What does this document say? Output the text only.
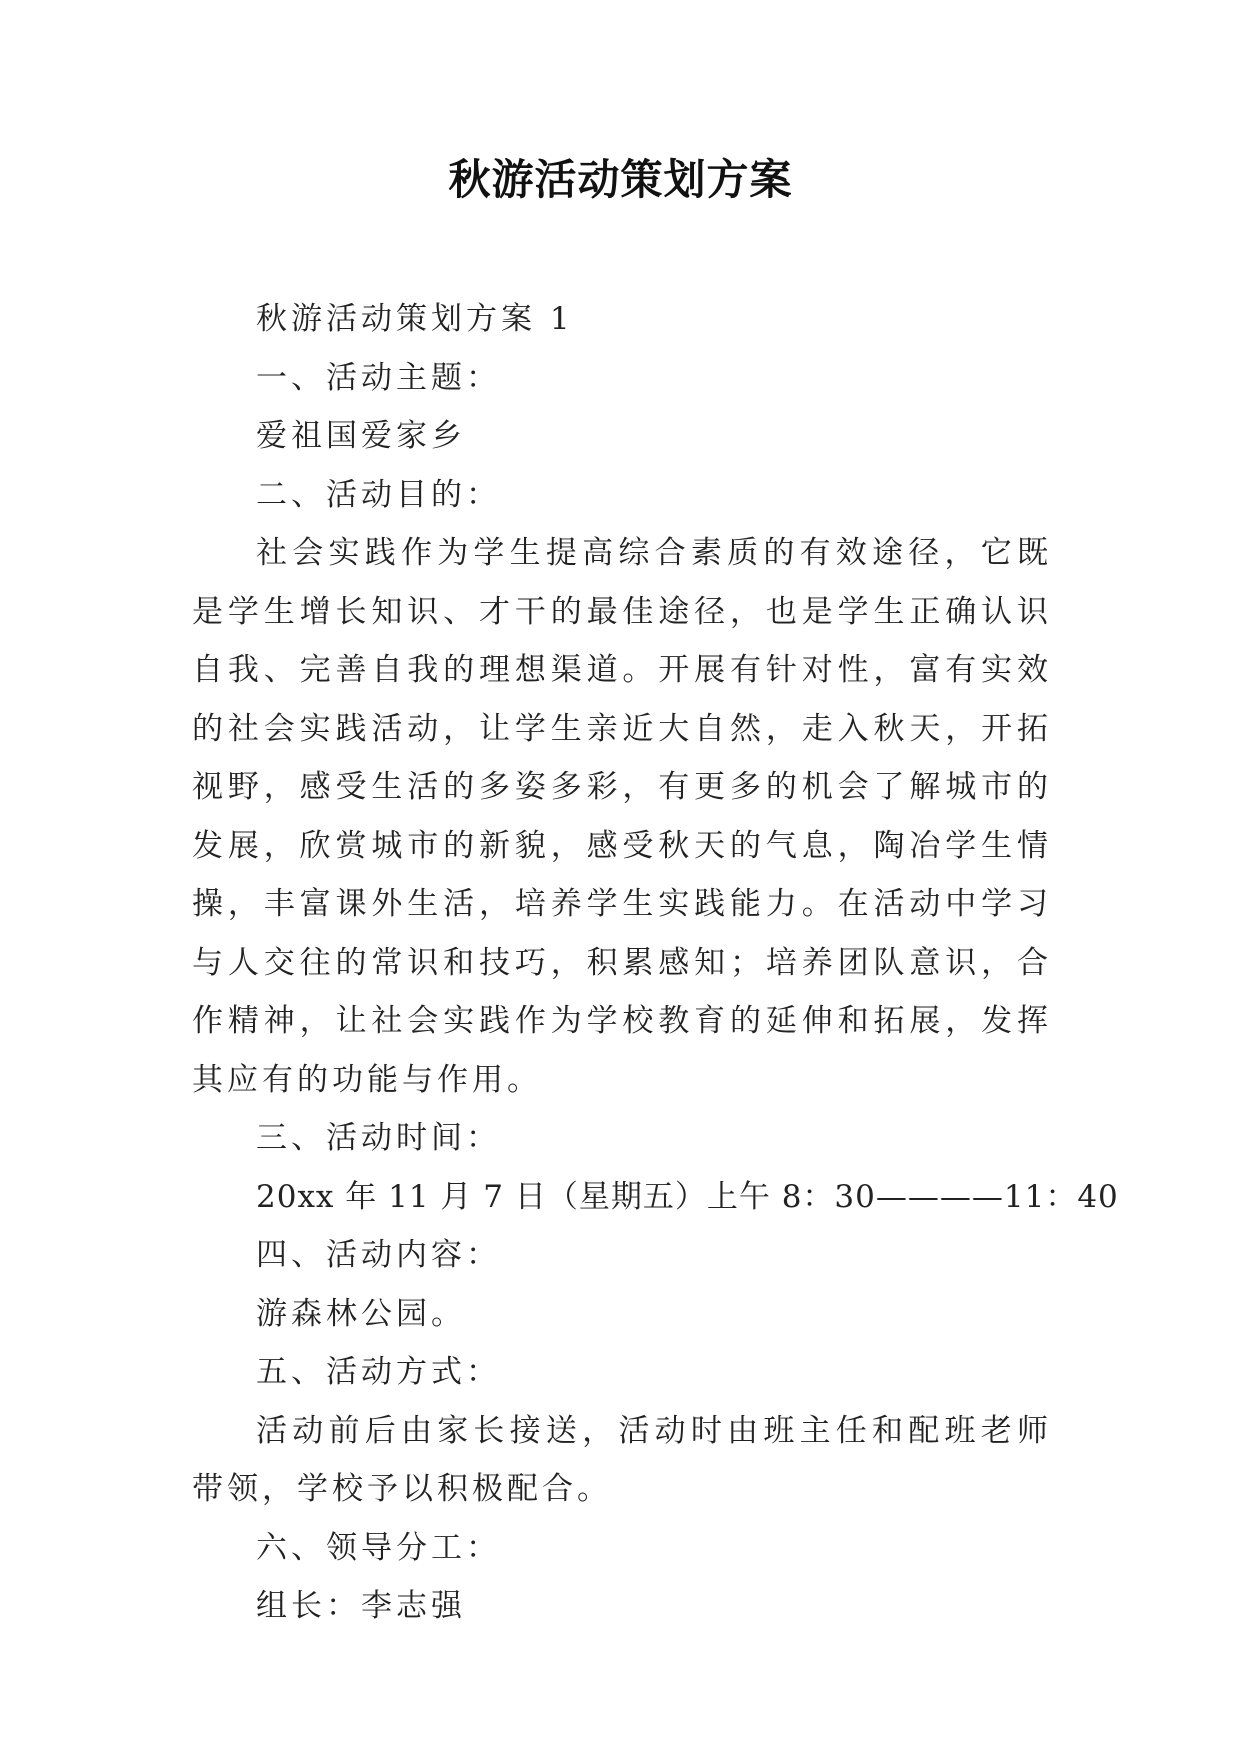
秋游活动策划方案

秋游活动策划方案 1

一、活动主题：

爱祖国爱家乡

二、活动目的：

社会实践作为学生提高综合素质的有效途径，它既是学生增长知识、才干的最佳途径，也是学生正确认识自我、完善自我的理想渠道。开展有针对性，富有实效的社会实践活动，让学生亲近大自然，走入秋天，开拓视野，感受生活的多姿多彩，有更多的机会了解城市的发展，欣赏城市的新貌，感受秋天的气息，陶冶学生情操，丰富课外生活，培养学生实践能力。在活动中学习与人交往的常识和技巧，积累感知；培养团队意识，合作精神，让社会实践作为学校教育的延伸和拓展，发挥其应有的功能与作用。

三、活动时间：

20xx 年 11 月 7 日（星期五）上午 8：30————11：40

四、活动内容：

游森林公园。

五、活动方式：

活动前后由家长接送，活动时由班主任和配班老师带领，学校予以积极配合。

六、领导分工：

组长：李志强
